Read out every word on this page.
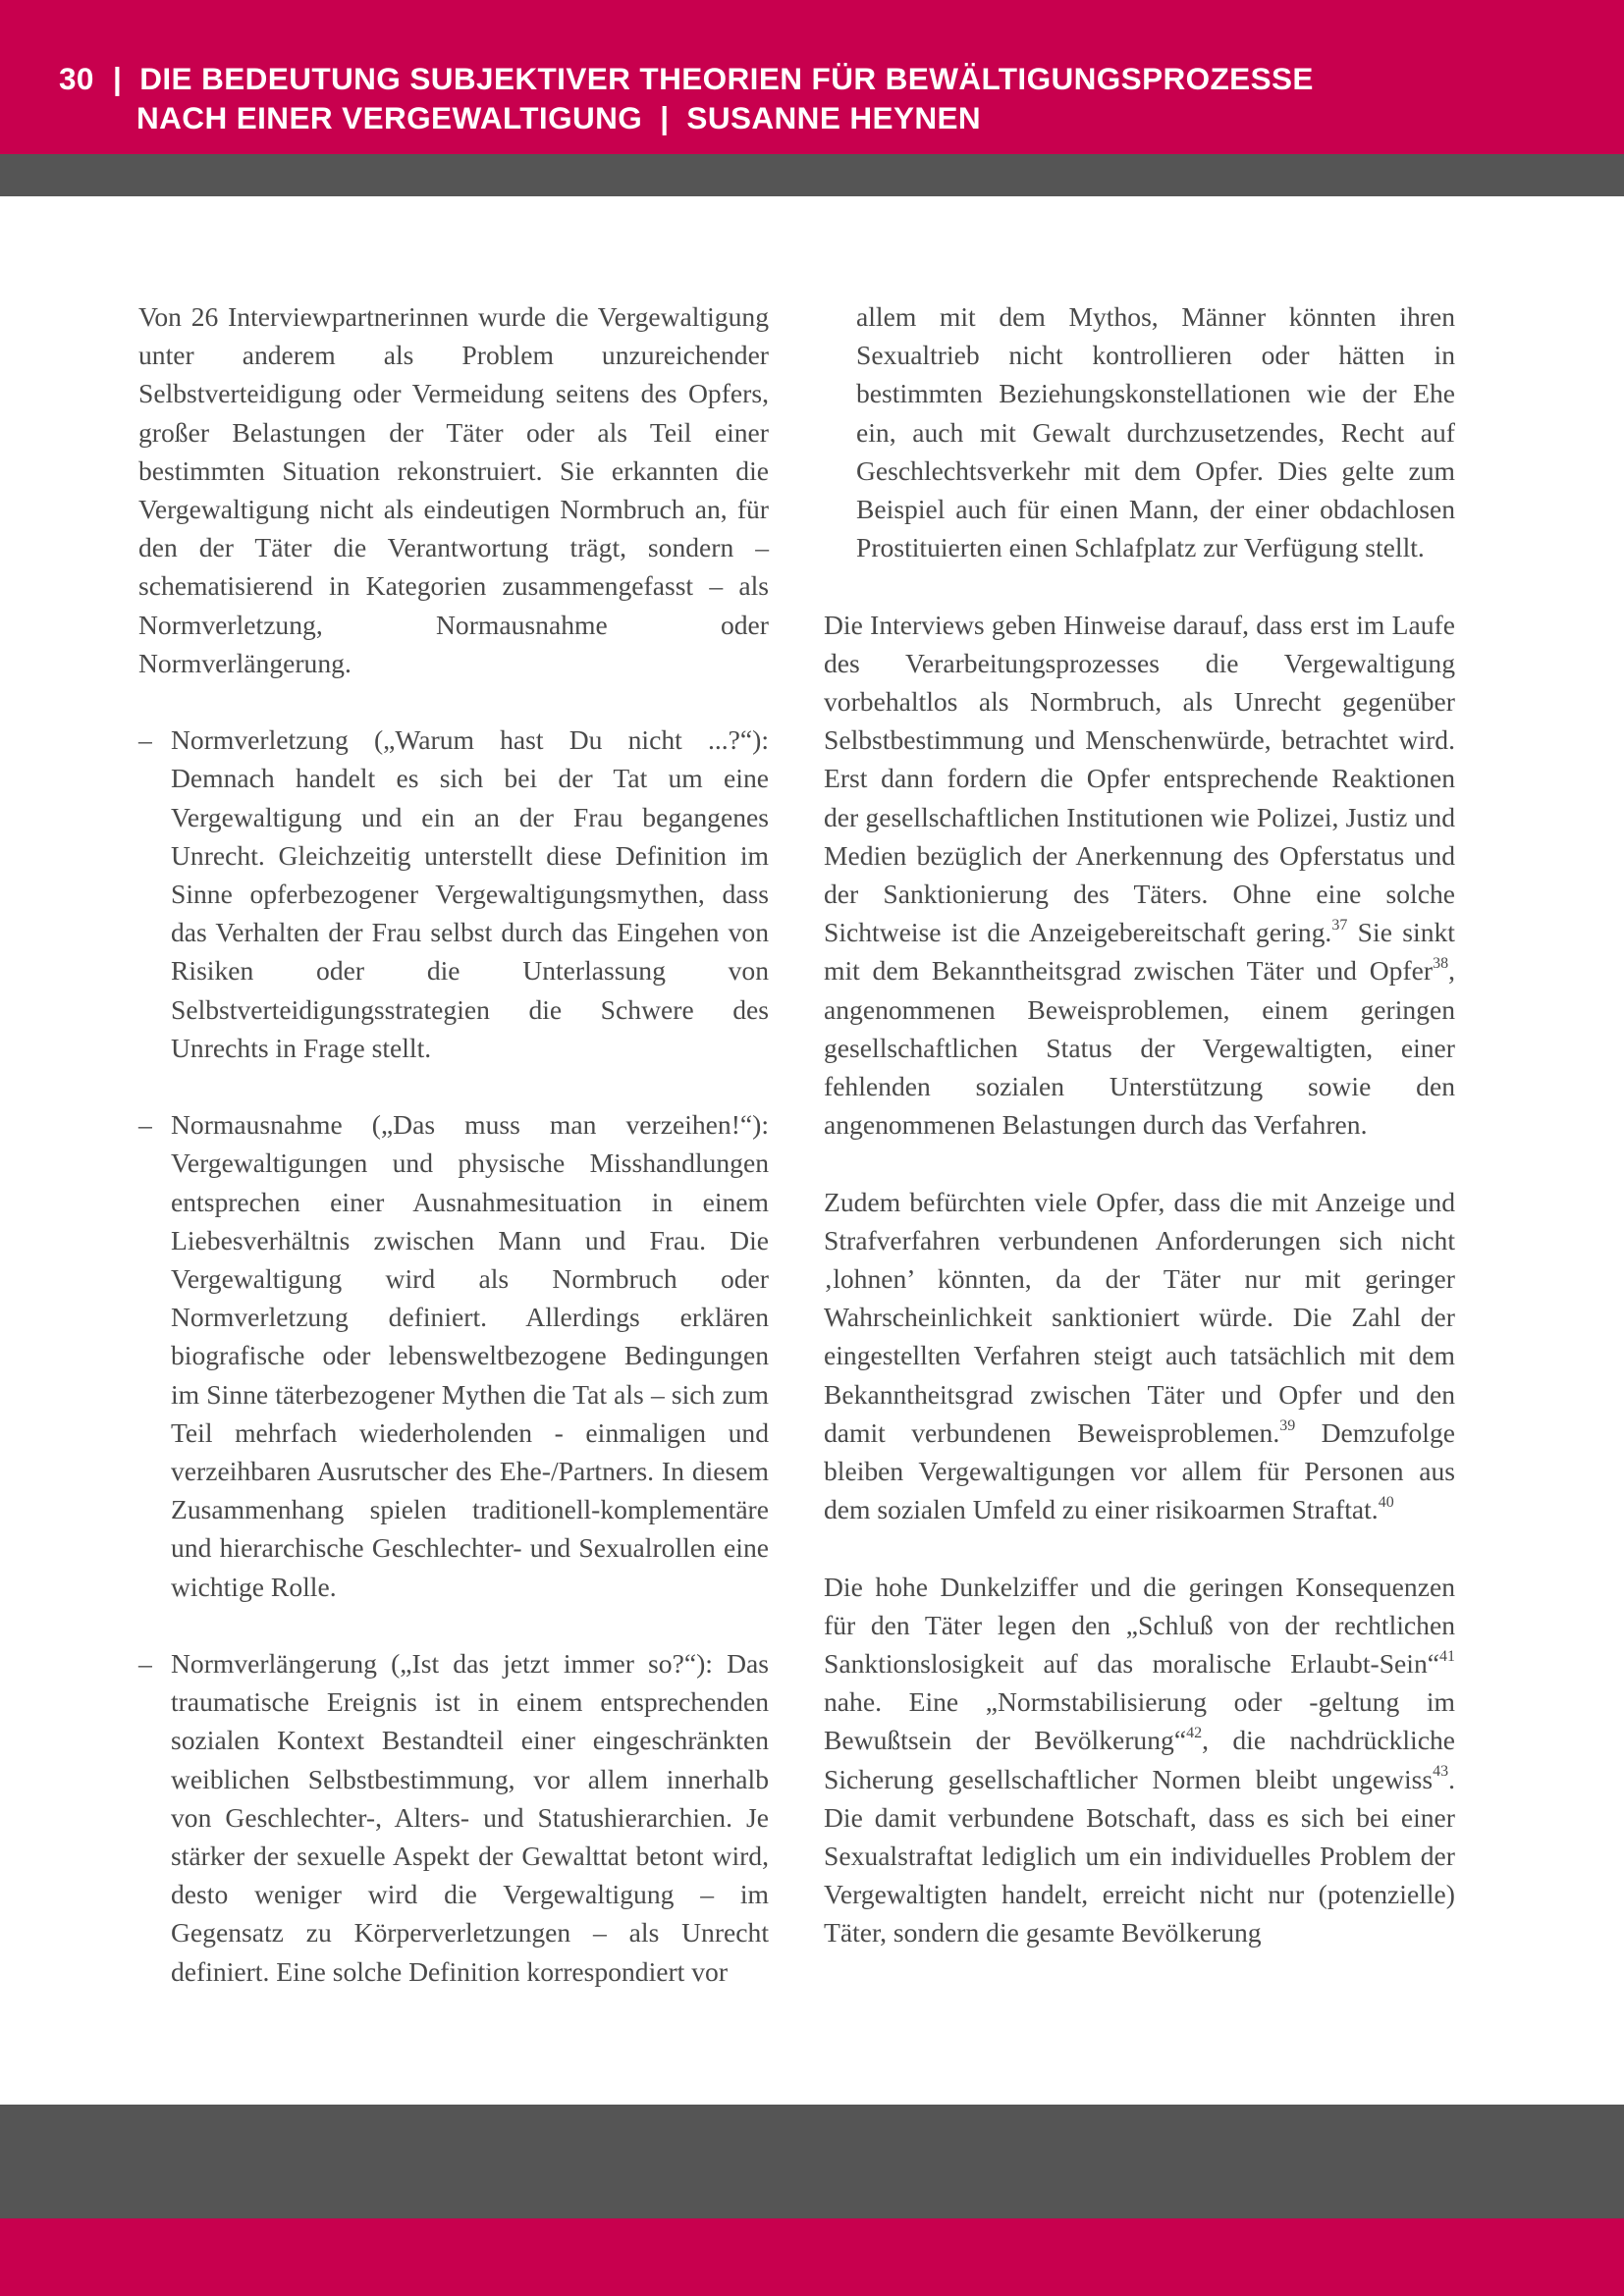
30 | DIE BEDEUTUNG SUBJEKTIVER THEORIEN FÜR BEWÄLTIGUNGSPROZESSE
NACH EINER VERGEWALTIGUNG | SUSANNE HEYNEN

Von 26 Interviewpartnerinnen wurde die Vergewaltigung unter anderem als Problem unzureichender Selbstverteidigung oder Vermeidung seitens des Opfers, großer Belastungen der Täter oder als Teil einer bestimmten Situation rekonstruiert. Sie erkannten die Vergewaltigung nicht als eindeutigen Normbruch an, für den der Täter die Verantwortung trägt, sondern – schematisierend in Kategorien zusammengefasst – als Normverletzung, Normausnahme oder Normverlängerung.

– Normverletzung („Warum hast Du nicht ...?“): Demnach handelt es sich bei der Tat um eine Vergewaltigung und ein an der Frau begangenes Unrecht. Gleichzeitig unterstellt diese Definition im Sinne opferbezogener Vergewaltigungsmythen, dass das Verhalten der Frau selbst durch das Eingehen von Risiken oder die Unterlassung von Selbstverteidigungsstrategien die Schwere des Unrechts in Frage stellt.
– Normausnahme („Das muss man verzeihen!“): Vergewaltigungen und physische Misshandlungen entsprechen einer Ausnahmesituation in einem Liebesverhältnis zwischen Mann und Frau. Die Vergewaltigung wird als Normbruch oder Normverletzung definiert. Allerdings erklären biografische oder lebensweltbezogene Bedingungen im Sinne täterbezogener Mythen die Tat als – sich zum Teil mehrfach wiederholenden - einmaligen und verzeihbaren Ausrutscher des Ehe-/Partners. In diesem Zusammenhang spielen traditionell-komplementäre und hierarchische Geschlechter- und Sexualrollen eine wichtige Rolle.
– Normverlängerung („Ist das jetzt immer so?“): Das traumatische Ereignis ist in einem entsprechenden sozialen Kontext Bestandteil einer eingeschränkten weiblichen Selbstbestimmung, vor allem innerhalb von Geschlechter-, Alters- und Statushierarchien. Je stärker der sexuelle Aspekt der Gewalttat betont wird, desto weniger wird die Vergewaltigung – im Gegensatz zu Körperverletzungen – als Unrecht definiert. Eine solche Definition korrespondiert vor

allem mit dem Mythos, Männer könnten ihren Sexualtrieb nicht kontrollieren oder hätten in bestimmten Beziehungskonstellationen wie der Ehe ein, auch mit Gewalt durchzusetzendes, Recht auf Geschlechtsverkehr mit dem Opfer. Dies gelte zum Beispiel auch für einen Mann, der einer obdachlosen Prostituierten einen Schlafplatz zur Verfügung stellt.

Die Interviews geben Hinweise darauf, dass erst im Laufe des Verarbeitungsprozesses die Vergewaltigung vorbehaltlos als Normbruch, als Unrecht gegenüber Selbstbestimmung und Menschenwürde, betrachtet wird. Erst dann fordern die Opfer entsprechende Reaktionen der gesellschaftlichen Institutionen wie Polizei, Justiz und Medien bezüglich der Anerkennung des Opferstatus und der Sanktionierung des Täters. Ohne eine solche Sichtweise ist die Anzeigebereitschaft gering.$^{37}$ Sie sinkt mit dem Bekanntheitsgrad zwischen Täter und Opfer$^{38}$, angenommenen Beweisproblemen, einem geringen gesellschaftlichen Status der Vergewaltigten, einer fehlenden sozialen Unterstützung sowie den angenommenen Belastungen durch das Verfahren.

Zudem befürchten viele Opfer, dass die mit Anzeige und Strafverfahren verbundenen Anforderungen sich nicht ‚lohnen’ könnten, da der Täter nur mit geringer Wahrscheinlichkeit sanktioniert würde. Die Zahl der eingestellten Verfahren steigt auch tatsächlich mit dem Bekanntheitsgrad zwischen Täter und Opfer und den damit verbundenen Beweisproblemen.$^{39}$ Demzufolge bleiben Vergewaltigungen vor allem für Personen aus dem sozialen Umfeld zu einer risikoarmen Straftat.$^{40}$

Die hohe Dunkelziffer und die geringen Konsequenzen für den Täter legen den „Schluß von der rechtlichen Sanktionslosigkeit auf das moralische Erlaubt-Sein“$^{41}$ nahe. Eine „Normstabilisierung oder -geltung im Bewußtsein der Bevölkerung“$^{42}$, die nachdrückliche Sicherung gesellschaftlicher Normen bleibt ungewiss$^{43}$. Die damit verbundene Botschaft, dass es sich bei einer Sexualstraftat lediglich um ein individuelles Problem der Vergewaltigten handelt, erreicht nicht nur (potenzielle) Täter, sondern die gesamte Bevölkerung
